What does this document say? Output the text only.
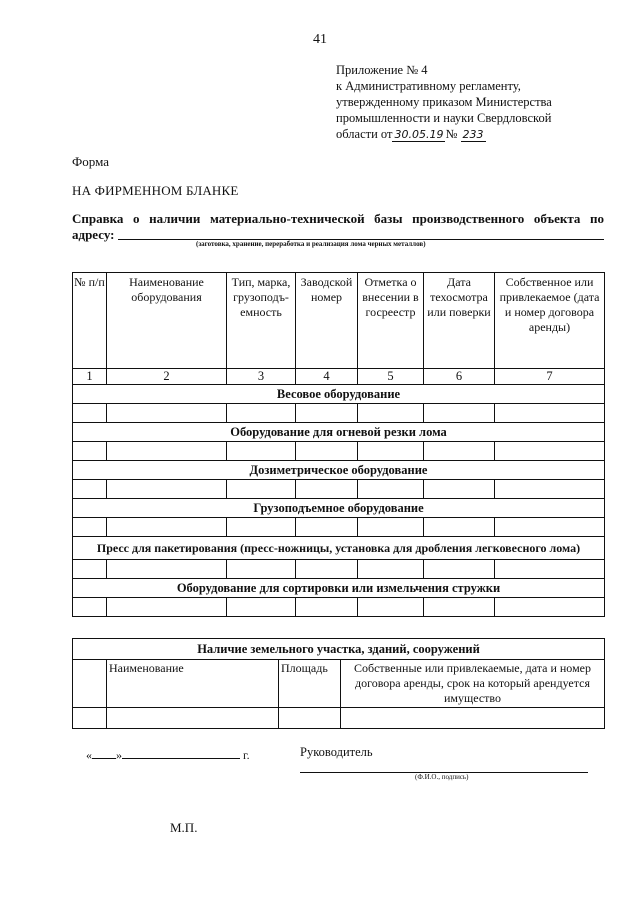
41
Приложение № 4
к Административному регламенту,
утвержденному приказом Министерства
промышленности и науки Свердловской
области от 30.05.19 № 233
Форма
НА ФИРМЕННОМ БЛАНКЕ
Справка о наличии материально-технической базы производственного объекта по адресу:
(заготовка, хранение, переработка и реализация лома черных металлов)
№ п/п	Наименование оборудования	Тип, марка, грузоподъ-емность	Заводской номер	Отметка о внесении в госреестр	Дата техосмотра или поверки	Собственное или привлекаемое (дата и номер договора аренды)
1	2	3	4	5	6	7
Весовое оборудование						

Оборудование для огневой резки лома						

Дозиметрическое оборудование						

Грузоподъемное оборудование						

Пресс для пакетирования (пресс-ножницы, установка для дробления легковесного лома)						

Оборудование для сортировки или измельчения стружки						

Наличие земельного участка, зданий, сооружений			
	Наименование	Площадь	Собственные или привлекаемые, дата и номер договора аренды, срок на который арендуется имущество

« »	г.	Руководитель
(Ф.И.О., подпись)
М.П.
